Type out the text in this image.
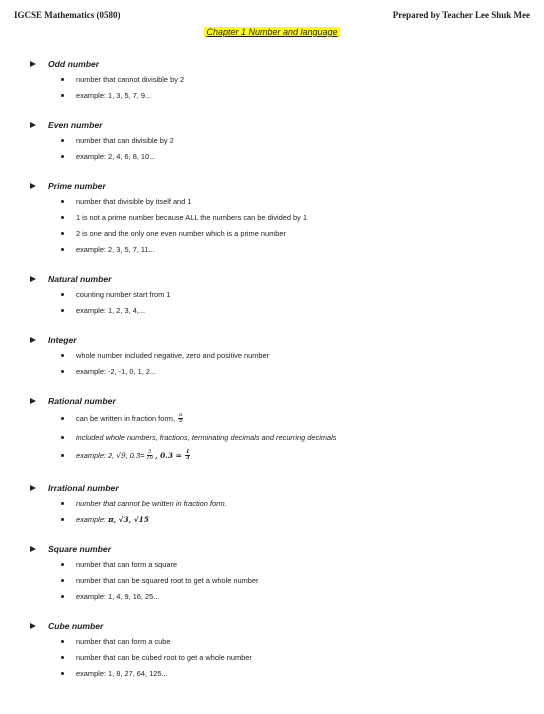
IGCSE Mathematics (0580)	Prepared by Teacher Lee Shuk Mee
Chapter 1 Number and language
Odd number
number that cannot divisible by 2
example: 1, 3, 5, 7, 9...
Even number
number that can divisible by 2
example: 2, 4, 6, 8, 10...
Prime number
number that divisible by itself and 1
1 is not a prime number because ALL the numbers can be divided by 1
2 is one and the only one even number which is a prime number
example: 2, 3, 5, 7, 11...
Natural number
counting number start from 1
example: 1, 2, 3, 4,...
Integer
whole number included negative, zero and positive number
example: -2, -1, 0, 1, 2...
Rational number
can be written in fraction form,
$\frac{a}{b}$
included whole numbers, fractions, terminating decimals and recurring decimals
example: 2,
√9 , $0.3= \frac{3}{10}$ , 0.3 =
$\frac{1}{3}$
Irrational number
number that cannot be written in fraction form.
example:
π, √3, √15
Square number
number that can form a square
number that can be squared root to get a whole number
example: 1, 4, 9, 16, 25...
Cube number
number that can form a cube
number that can be cubed root to get a whole number
example: 1, 8, 27, 64, 125...
